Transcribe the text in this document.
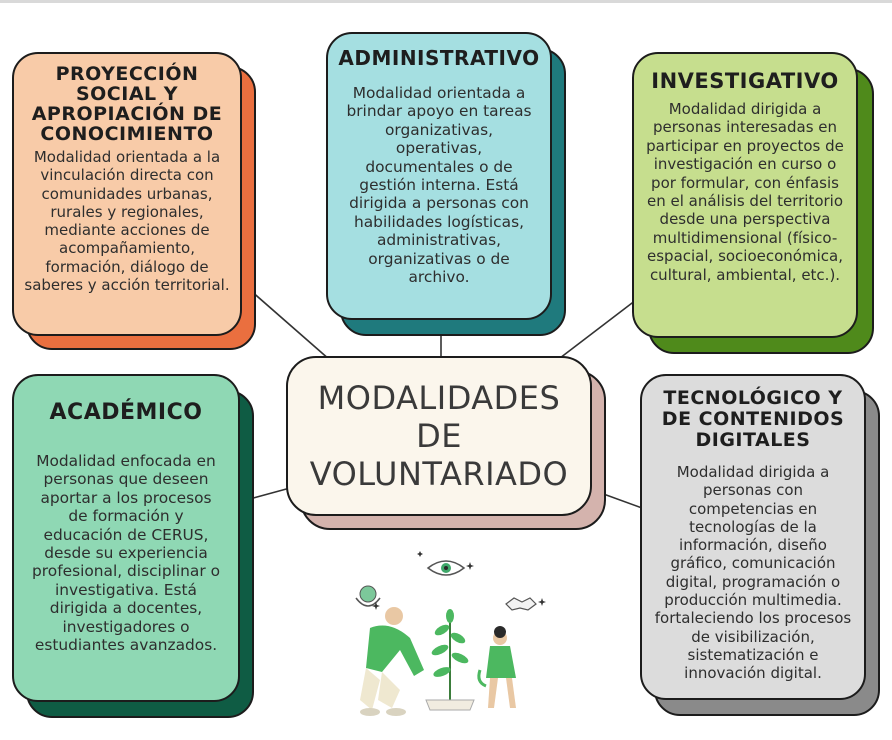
PROYECCIÓN
SOCIAL Y
APROPIACIÓN DE
CONOCIMIENTO
Modalidad orientada a la vinculación directa con comunidades urbanas, rurales y regionales, mediante acciones de acompañamiento, formación, diálogo de saberes y acción territorial.
ADMINISTRATIVO
Modalidad orientada a brindar apoyo en tareas organizativas, operativas, documentales o de gestión interna. Está dirigida a personas con habilidades logísticas, administrativas, organizativas o de archivo.
INVESTIGATIVO
Modalidad dirigida a personas interesadas en participar en proyectos de investigación en curso o por formular, con énfasis en el análisis del territorio desde una perspectiva multidimensional (físico-espacial, socioeconómica, cultural, ambiental, etc.).
MODALIDADES
DE
VOLUNTARIADO
ACADÉMICO
Modalidad enfocada en personas que deseen aportar a los procesos de formación y educación de CERUS, desde su experiencia profesional, disciplinar o investigativa. Está dirigida a docentes, investigadores o estudiantes avanzados.
TECNOLÓGICO Y
DE CONTENIDOS
DIGITALES
Modalidad dirigida a personas con competencias en tecnologías de la información, diseño gráfico, comunicación digital, programación o producción multimedia. fortaleciendo los procesos de visibilización, sistematización e innovación digital.
